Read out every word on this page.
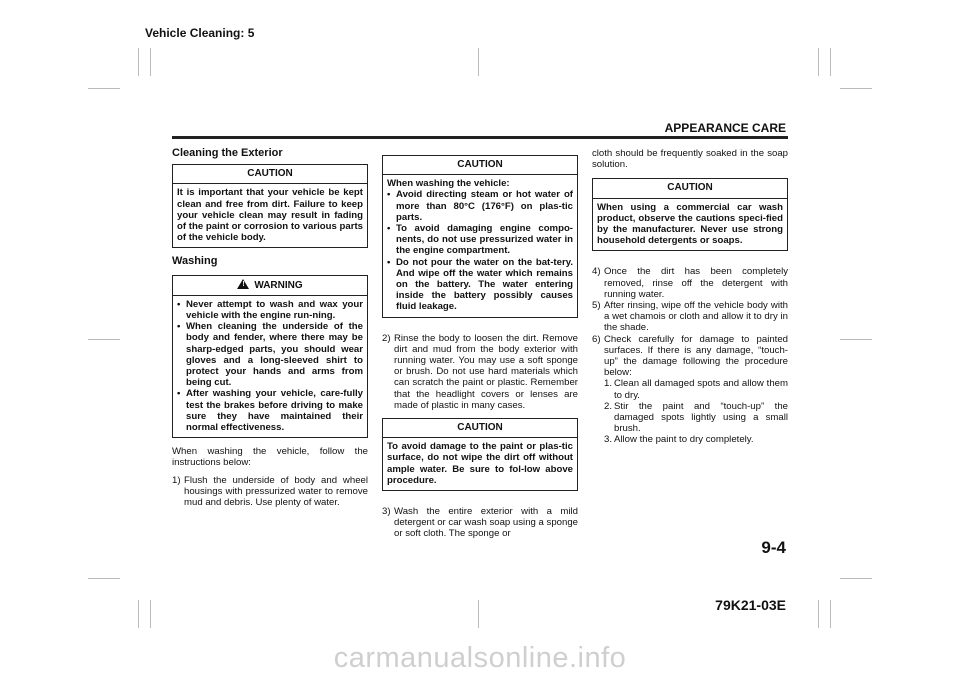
Vehicle Cleaning: 5
APPEARANCE CARE
Cleaning the Exterior
CAUTION

It is important that your vehicle be kept clean and free from dirt. Failure to keep your vehicle clean may result in fading of the paint or corrosion to various parts of the vehicle body.

Washing
! WARNING
• Never attempt to wash and wax your vehicle with the engine run-ning.
• When cleaning the underside of the body and fender, where there may be sharp-edged parts, you should wear gloves and a long-sleeved shirt to protect your hands and arms from being cut.
• After washing your vehicle, care-fully test the brakes before driving to make sure they have maintained their normal effectiveness.

When washing the vehicle, follow the instructions below:

1) Flush the underside of body and wheel housings with pressurized water to remove mud and debris. Use plenty of water.
CAUTION

When washing the vehicle:

• Avoid directing steam or hot water of more than 80°C (176°F) on plas-tic parts.
• To avoid damaging engine compo-nents, do not use pressurized water in the engine compartment.
• Do not pour the water on the bat-tery. And wipe off the water which remains on the battery. The water entering inside the battery possibly causes fluid leakage.
2) Rinse the body to loosen the dirt. Remove dirt and mud from the body exterior with running water. You may use a soft sponge or brush. Do not use hard materials which can scratch the paint or plastic. Remember that the headlight covers or lenses are made of plastic in many cases.
CAUTION

To avoid damage to the paint or plas-tic surface, do not wipe the dirt off without ample water. Be sure to fol-low above procedure.

3) Wash the entire exterior with a mild detergent or car wash soap using a sponge or soft cloth. The sponge or

cloth should be frequently soaked in the soap solution.

CAUTION

When using a commercial car wash product, observe the cautions speci-fied by the manufacturer. Never use strong household detergents or soaps.

4) Once the dirt has been completely removed, rinse off the detergent with running water.
5) After rinsing, wipe off the vehicle body with a wet chamois or cloth and allow it to dry in the shade.
6) Check carefully for damage to painted surfaces. If there is any damage, “touch-up” the damage following the procedure below:
1. Clean all damaged spots and allow them to dry.
2. Stir the paint and “touch-up” the damaged spots lightly using a small brush.
3. Allow the paint to dry completely.
9-4
79K21-03E
carmanualsonline.info
